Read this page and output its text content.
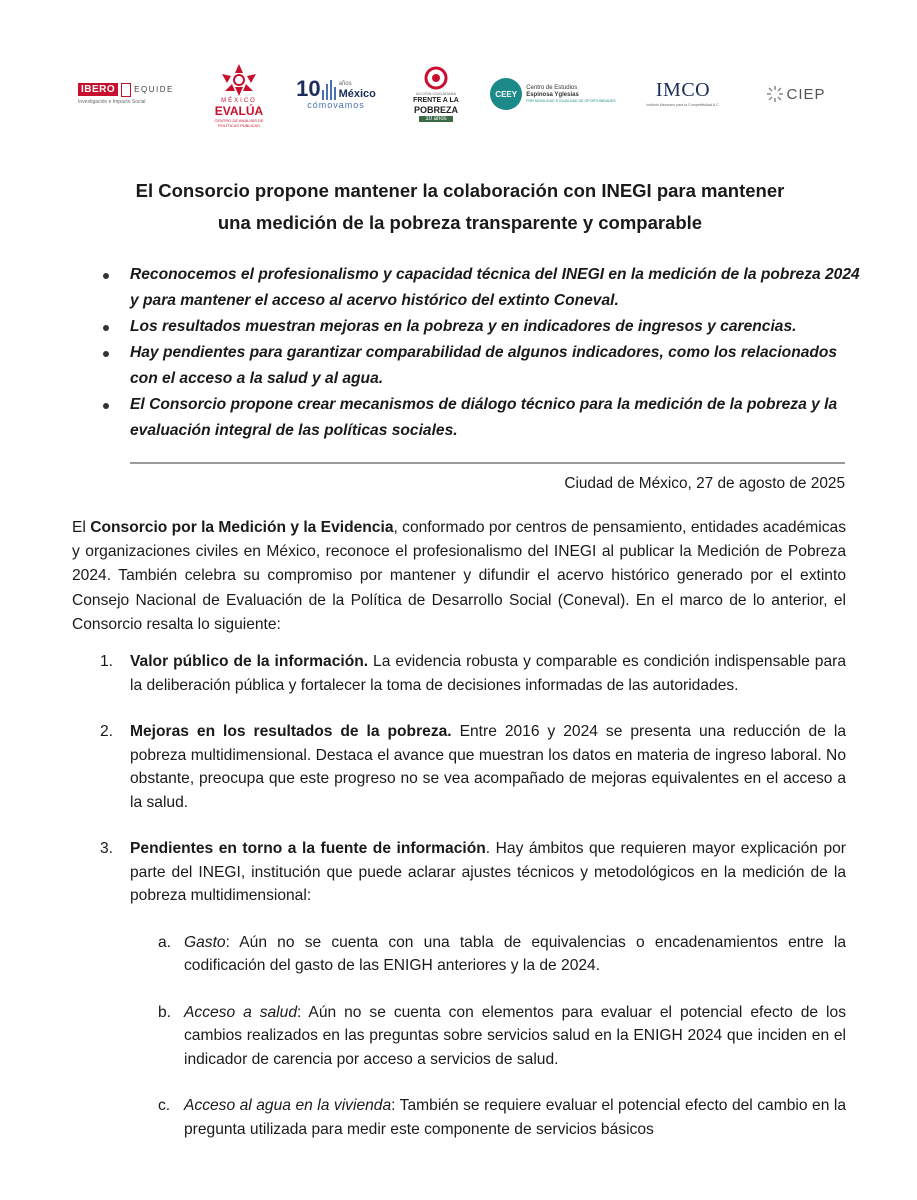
IBERO	EQUIDE
Investigación e Impacto Social	MÉXICO
EVALÚA
CENTRO DE ANÁLISIS DE POLÍTICAS PÚBLICAS
10	años
México
cómovamos
ACCIÓN CIUDADANA
FRENTE A LA
POBREZA
10 años
CEEY
Centro de Estudios
Espinosa Yglesias
POR MOVILIDAD E IGUALDAD DE OPORTUNIDADES IMCO
Instituto Mexicano para la Competitividad A.C.
CIEP
El Consorcio propone mantener la colaboración con INEGI para mantener
una medición de la pobreza transparente y comparable
Reconocemos el profesionalismo y capacidad técnica del INEGI en la medición de la pobreza 2024 y para mantener el acceso al acervo histórico del extinto Coneval.
Los resultados muestran mejoras en la pobreza y en indicadores de ingresos y carencias.
Hay pendientes para garantizar comparabilidad de algunos indicadores, como los relacionados con el acceso a la salud y al agua.
El Consorcio propone crear mecanismos de diálogo técnico para la medición de la pobreza y la evaluación integral de las políticas sociales.
Ciudad de México, 27 de agosto de 2025

El Consorcio por la Medición y la Evidencia, conformado por centros de pensamiento, entidades académicas y organizaciones civiles en México, reconoce el profesionalismo del INEGI al publicar la Medición de Pobreza 2024. También celebra su compromiso por mantener y difundir el acervo histórico generado por el extinto Consejo Nacional de Evaluación de la Política de Desarrollo Social (Coneval). En el marco de lo anterior, el Consorcio resalta lo siguiente:

1. Valor público de la información. La evidencia robusta y comparable es condición indispensable para la deliberación pública y fortalecer la toma de decisiones informadas de las autoridades.
2. Mejoras en los resultados de la pobreza. Entre 2016 y 2024 se presenta una reducción de la pobreza multidimensional. Destaca el avance que muestran los datos en materia de ingreso laboral. No obstante, preocupa que este progreso no se vea acompañado de mejoras equivalentes en el acceso a la salud.
3. Pendientes en torno a la fuente de información. Hay ámbitos que requieren mayor explicación por parte del INEGI, institución que puede aclarar ajustes técnicos y metodológicos en la medición de la pobreza multidimensional:
a. Gasto: Aún no se cuenta con una tabla de equivalencias o encadenamientos entre la codificación del gasto de las ENIGH anteriores y la de 2024.
b. Acceso a salud: Aún no se cuenta con elementos para evaluar el potencial efecto de los cambios realizados en las preguntas sobre servicios salud en la ENIGH 2024 que inciden en el indicador de carencia por acceso a servicios de salud.
c. Acceso al agua en la vivienda: También se requiere evaluar el potencial efecto del cambio en la pregunta utilizada para medir este componente de servicios básicos
